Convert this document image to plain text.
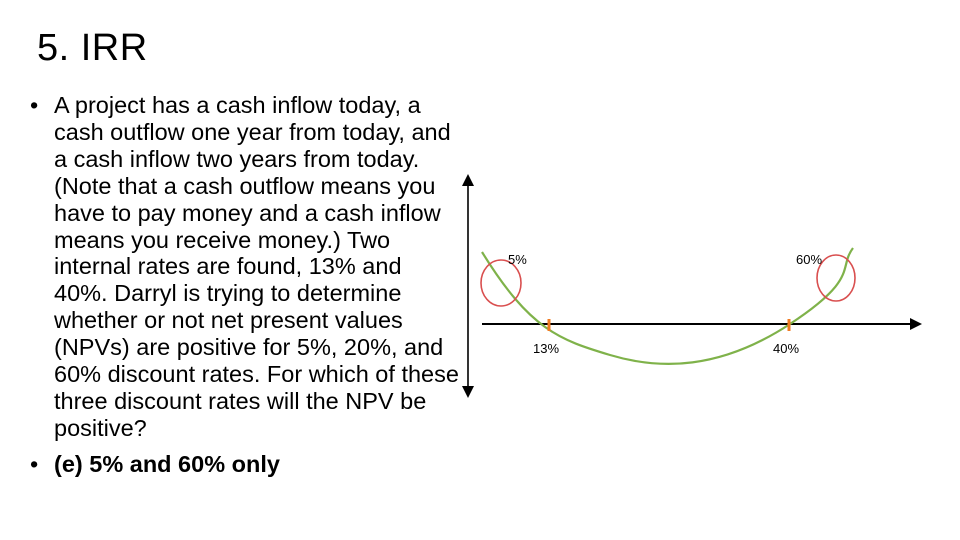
5. IRR
• A project has a cash inflow today, a cash outflow one year from today, and a cash inflow two years from today. (Note that a cash outflow means you have to pay money and a cash inflow means you receive money.) Two internal rates are found, 13% and 40%. Darryl is trying to determine whether or not net present values (NPVs) are positive for 5%, 20%, and 60% discount rates. For which of these three discount rates will the NPV be positive?
• (e) 5% and 60% only
5%	60%
13%	40%
